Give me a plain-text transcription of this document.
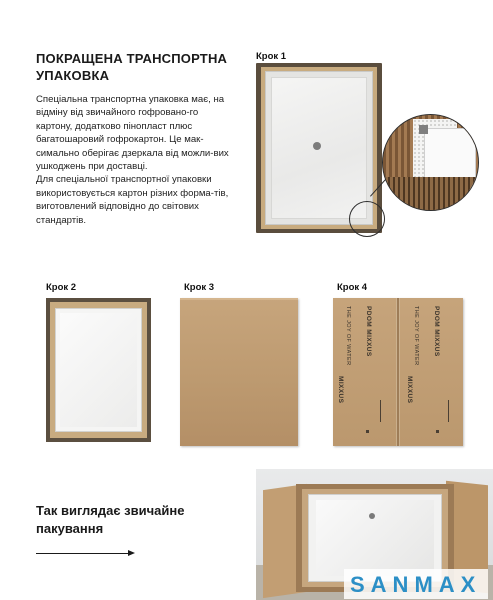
ПОКРАЩЕНА ТРАНСПОРТНА УПАКОВКА

Спеціальна транспортна упаковка має, на відміну від звичайного гофровано-го картону, додатково пінопласт плюс багатошаровий гофрокартон. Це мак-симально оберігає дзеркала від можли-вих ушкоджень при доставці.

Для спеціальної транспортної упаковки використовується картон різних форма-тів, виготовлений відповідно до світових стандартів.

Крок 1
Крок 2	Крок 3	Крок 4
THE JOY OF WATER PDOM MIXXUS
MIXXUS
THE JOY OF WATER PDOM MIXXUS
MIXXUS
Так виглядає звичайне пакування
SANMAX
